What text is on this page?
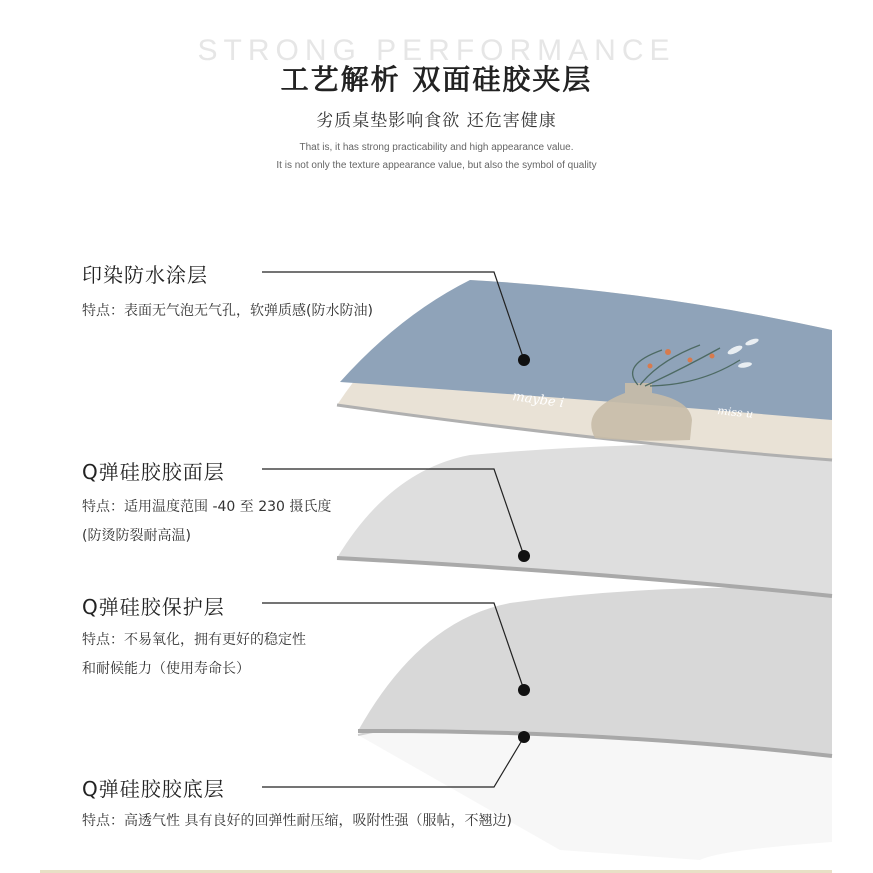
STRONG PERFORMANCE
工艺解析 双面硅胶夹层
劣质桌垫影响食欲 还危害健康
That is, it has strong practicability and high appearance value.
It is not only the texture appearance value, but also the symbol of quality
maybe i
miss u
印染防水涂层
特点：表面无气泡无气孔，软弹质感(防水防油)
Q弹硅胶胶面层
特点：适用温度范围 -40 至 230 摄氏度
(防烫防裂耐高温)
Q弹硅胶保护层
特点：不易氧化，拥有更好的稳定性
和耐候能力（使用寿命长）
Q弹硅胶胶底层
特点：高透气性 具有良好的回弹性耐压缩，吸附性强（服帖，不翘边)
